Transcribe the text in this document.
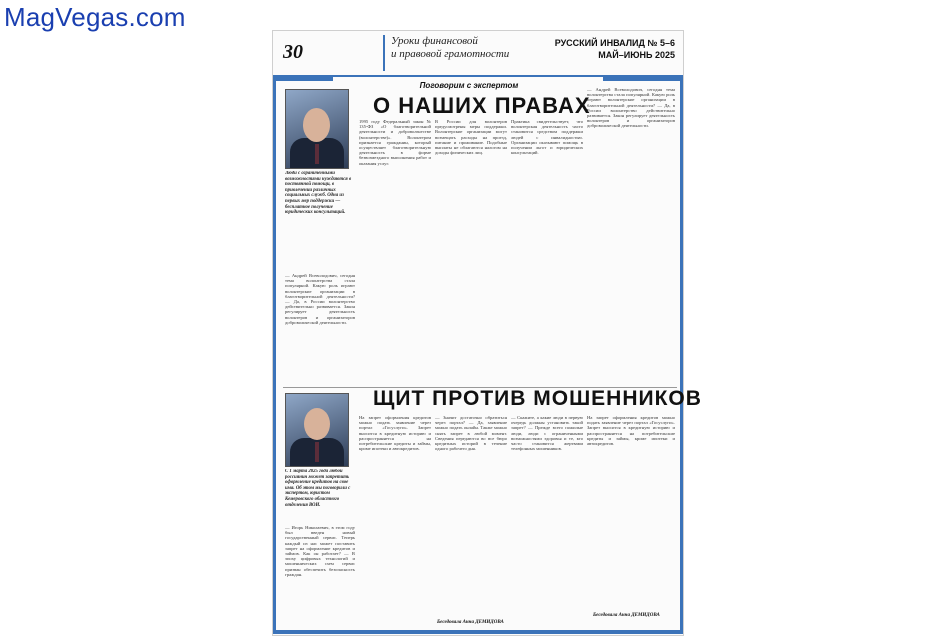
MagVegas.com
30	Уроки финансовой
и правовой грамотности
РУССКИЙ ИНВАЛИД № 5–6
МАЙ–ИЮНЬ 2025
Поговорим с экспертом
О НАШИХ ПРАВАХ
Люди с ограниченными возможностями нуждаются в постоянной помощи, в привлечении различных социальных служб. Одна из первых мер поддержки — бесплатное получение юридических консультаций.
— Андрей Всеволодович, сегодня тема волонтерства стала популярной. Какую роль играют волонтерские организации в благотворительной деятельности? — Да, в России волонтерство действительно развивается. Закон регулирует деятельность волонтеров и организаторов добровольческой деятельности.
1995 году Федеральный закон № 135-ФЗ «О благотворительной деятельности и добровольчестве (волонтерстве)». Волонтером признается гражданин, который осуществляет благотворительную деятельность в форме безвозмездного выполнения работ и оказания услуг.
В России для волонтеров предусмотрены меры поддержки. Волонтерские организации могут возмещать расходы на проезд, питание и проживание. Подобные выплаты не облагаются налогом на доходы физических лиц.
Практика свидетельствует, что волонтерская деятельность часто становится средством поддержки людей с инвалидностью. Организации оказывают помощь в получении льгот и юридических консультаций.
— Андрей Всеволодович, сегодня тема волонтерства стала популярной. Какую роль играют волонтерские организации в благотворительной деятельности? — Да, в России волонтерство действительно развивается. Закон регулирует деятельность волонтеров и организаторов добровольческой деятельности.
ЩИТ ПРОТИВ МОШЕННИКОВ
С 1 марта 2025 года любой россиянин может запретить оформление кредитов на свое имя. Об этом мы поговорили с экспертом, юристом Кемеровского областного отделения ВОИ.
— Игорь Николаевич, в этом году был введен новый государственный сервис. Теперь каждый из нас может поставить запрет на оформление кредитов и займов. Как он работает? — В эпоху цифровых технологий и мошеннических схем сервис призван обеспечить безопасность граждан.
На запрет оформления кредитов можно подать заявление через портал «Госуслуги». Запрет вносится в кредитную историю и распространяется на потребительские кредиты и займы, кроме ипотеки и автокредитов.
— Значит достаточно обратиться через портал? — Да, заявление можно подать онлайн. Также можно снять запрет в любой момент. Сведения передаются во все бюро кредитных историй в течение одного рабочего дня.
— Скажите, а какие люди в первую очередь должны установить такой запрет? — Прежде всего пожилые люди, люди с ограниченными возможностями здоровья и те, кто часто становится жертвами телефонных мошенников.
На запрет оформления кредитов можно подать заявление через портал «Госуслуги». Запрет вносится в кредитную историю и распространяется на потребительские кредиты и займы, кроме ипотеки и автокредитов.
Беседовала Анна ДЕМИДОВА
Беседовала Анна ДЕМИДОВА
